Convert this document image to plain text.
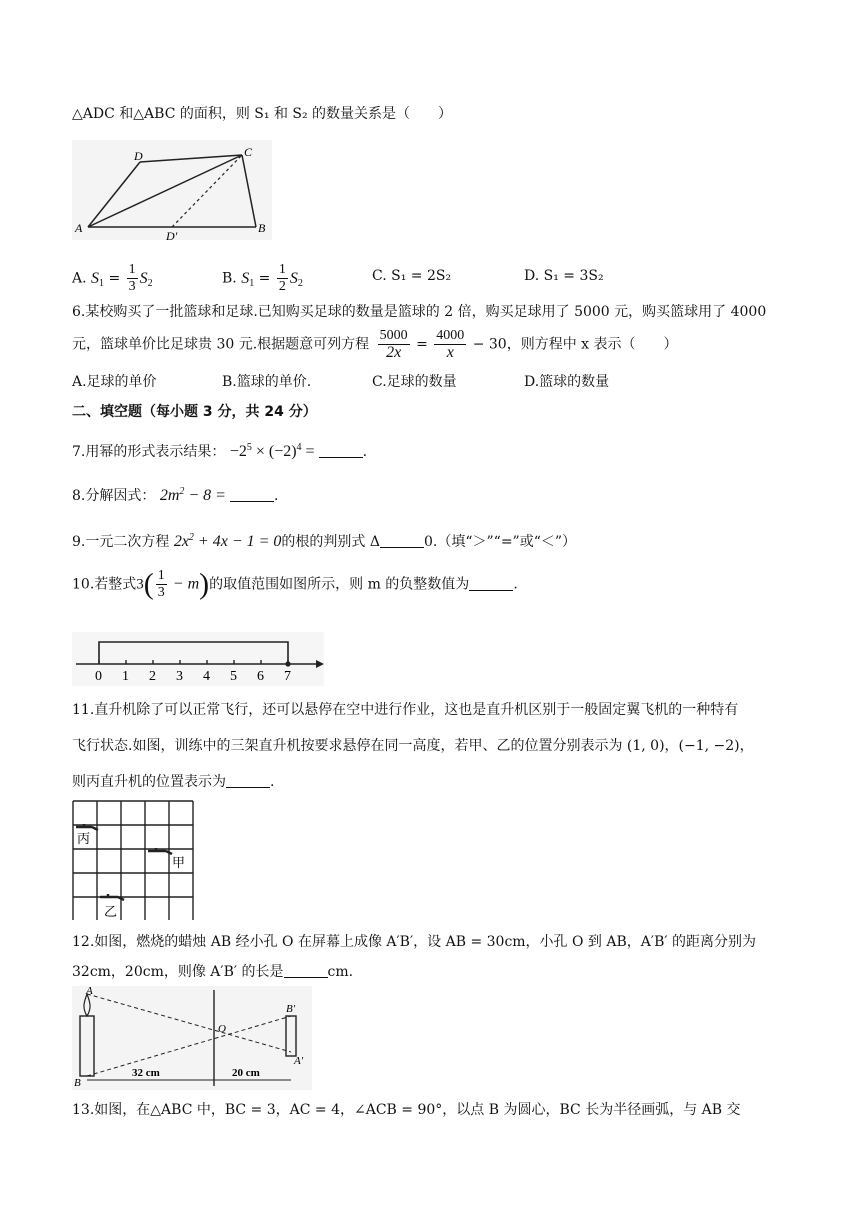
△ADC 和△ABC 的面积，则 S₁ 和 S₂ 的数量关系是（　　）
D	C
A	B
D′
A. $S_1 = \frac{1}{3} S_2$	B. $S_1 = \frac{1}{2} S_2$	C. S₁ = 2S₂	D. S₁ = 3S₂
6.某校购买了一批篮球和足球.已知购买足球的数量是篮球的 2 倍，购买足球用了 5000 元，购买篮球用了 4000
元，篮球单价比足球贵 30 元.根据题意可列方程 $\frac{5000}{2x} = \frac{4000}{x} - 30$，则方程中 x 表示（　　）
A.足球的单价	B.篮球的单价.	C.足球的数量	D.篮球的数量
二、填空题（每小题 3 分，共 24 分）
7.用幂的形式表示结果： $-2^5 \times (-2)^4$ =	.
8.分解因式： $2m^2 - 8$ =	.
9.一元二次方程 $2x^2 + 4x - 1 = 0$的根的判别式 Δ	0.（填“＞”“=”或“＜”）
10.若整式$3( \frac{1}{3} - m)$的取值范围如图所示，则 m 的负整数值为	.
0 1 2 3 4 5 6 7
11.直升机除了可以正常飞行，还可以悬停在空中进行作业，这也是直升机区别于一般固定翼飞机的一种特有
飞行状态.如图，训练中的三架直升机按要求悬停在同一高度，若甲、乙的位置分别表示为 (1, 0)，(−1, −2)，
则丙直升机的位置表示为	.
丙
甲
乙
12.如图，燃烧的蜡烛 AB 经小孔 O 在屏幕上成像 A′B′，设 AB = 30cm，小孔 O 到 AB，A′B′ 的距离分别为
32cm，20cm，则像 A′B′ 的长是	cm.
A
B
O
B′
A′
32 cm	20 cm
13.如图，在△ABC 中，BC = 3，AC = 4，∠ACB = 90°，以点 B 为圆心，BC 长为半径画弧，与 AB 交
